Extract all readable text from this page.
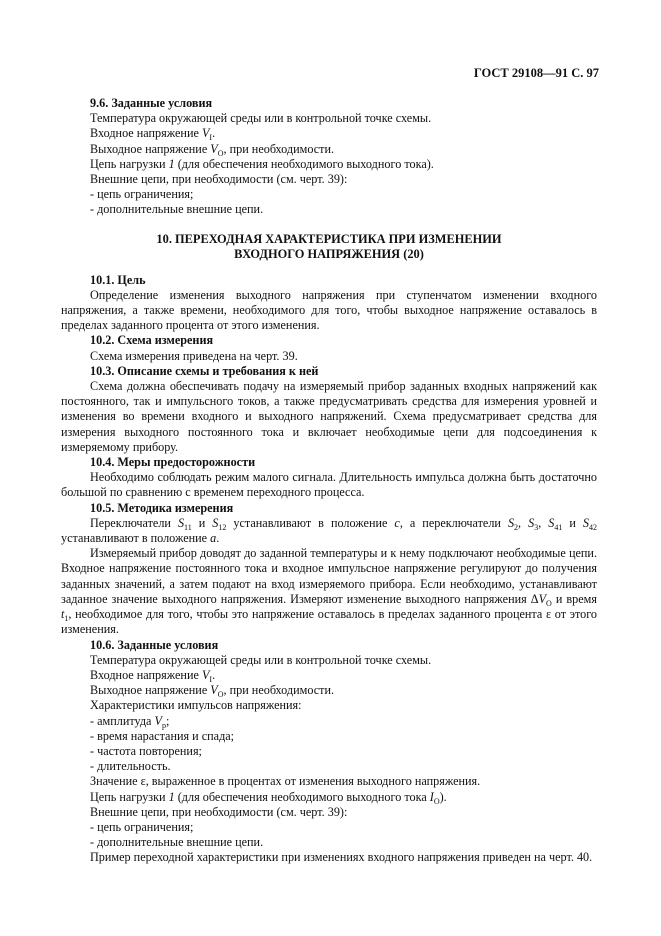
ГОСТ 29108—91 С. 97

9.6. Заданные условия

Температура окружающей среды или в контрольной точке схемы.

Входное напряжение $V_I$.

Выходное напряжение $V_O$, при необходимости.

Цепь нагрузки 1 (для обеспечения необходимого выходного тока).

Внешние цепи, при необходимости (см. черт. 39):

- цепь ограничения;

- дополнительные внешние цепи.

10. ПЕРЕХОДНАЯ ХАРАКТЕРИСТИКА ПРИ ИЗМЕНЕНИИ
ВХОДНОГО НАПРЯЖЕНИЯ (20)

10.1. Цель

Определение изменения выходного напряжения при ступенчатом изменении входного напряжения, а также времени, необходимого для того, чтобы выходное напряжение оставалось в пределах заданного процента от этого изменения.

10.2. Схема измерения

Схема измерения приведена на черт. 39.

10.3. Описание схемы и требования к ней

Схема должна обеспечивать подачу на измеряемый прибор заданных входных напряжений как постоянного, так и импульсного токов, а также предусматривать средства для измерения уровней и изменения во времени входного и выходного напряжений. Схема предусматривает средства для измерения выходного постоянного тока и включает необходимые цепи для подсоединения к измеряемому прибору.

10.4. Меры предосторожности

Необходимо соблюдать режим малого сигнала. Длительность импульса должна быть достаточно большой по сравнению с временем переходного процесса.

10.5. Методика измерения

Переключатели $S_{11}$ и $S_{12}$ устанавливают в положение c, а переключатели $S_2$, $S_3$, $S_{41}$ и $S_{42}$ устанавливают в положение a.

Измеряемый прибор доводят до заданной температуры и к нему подключают необходимые цепи. Входное напряжение постоянного тока и входное импульсное напряжение регулируют до получения заданных значений, а затем подают на вход измеряемого прибора. Если необходимо, устанавливают заданное значение выходного напряжения. Измеряют изменение выходного напряжения $\Delta V_O$ и время $t_1$, необходимое для того, чтобы это напряжение оставалось в пределах заданного процента ε от этого изменения.

10.6. Заданные условия

Температура окружающей среды или в контрольной точке схемы.

Входное напряжение $V_I$.

Выходное напряжение $V_O$, при необходимости.

Характеристики импульсов напряжения:

- амплитуда $V_p$;

- время нарастания и спада;

- частота повторения;

- длительность.

Значение ε, выраженное в процентах от изменения выходного напряжения.

Цепь нагрузки 1 (для обеспечения необходимого выходного тока $I_O$).

Внешние цепи, при необходимости (см. черт. 39):

- цепь ограничения;

- дополнительные внешние цепи.

Пример переходной характеристики при изменениях входного напряжения приведен на черт. 40.
